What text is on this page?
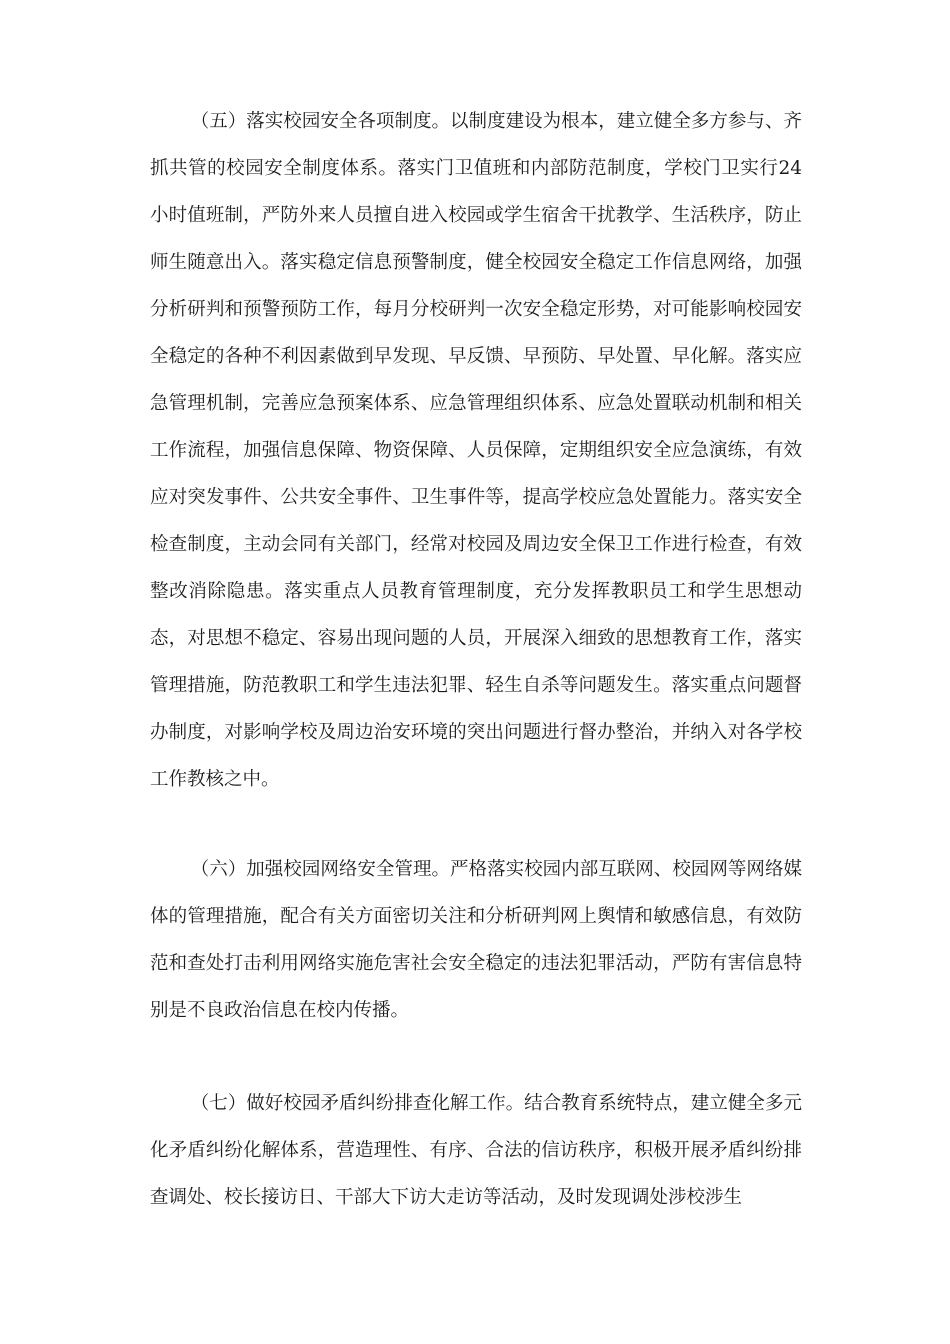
（五）落实校园安全各项制度。以制度建设为根本，建立健全多方参与、齐抓共管的校园安全制度体系。落实门卫值班和内部防范制度，学校门卫实行24小时值班制，严防外来人员擅自进入校园或学生宿舍干扰教学、生活秩序，防止师生随意出入。落实稳定信息预警制度，健全校园安全稳定工作信息网络，加强分析研判和预警预防工作，每月分校研判一次安全稳定形势，对可能影响校园安全稳定的各种不利因素做到早发现、早反馈、早预防、早处置、早化解。落实应急管理机制，完善应急预案体系、应急管理组织体系、应急处置联动机制和相关工作流程，加强信息保障、物资保障、人员保障，定期组织安全应急演练，有效应对突发事件、公共安全事件、卫生事件等，提高学校应急处置能力。落实安全检查制度，主动会同有关部门，经常对校园及周边安全保卫工作进行检查，有效整改消除隐患。落实重点人员教育管理制度，充分发挥教职员工和学生思想动态，对思想不稳定、容易出现问题的人员，开展深入细致的思想教育工作，落实管理措施，防范教职工和学生违法犯罪、轻生自杀等问题发生。落实重点问题督办制度，对影响学校及周边治安环境的突出问题进行督办整治，并纳入对各学校工作教核之中。

（六）加强校园网络安全管理。严格落实校园内部互联网、校园网等网络媒体的管理措施，配合有关方面密切关注和分析研判网上舆情和敏感信息，有效防范和查处打击利用网络实施危害社会安全稳定的违法犯罪活动，严防有害信息特别是不良政治信息在校内传播。

（七）做好校园矛盾纠纷排查化解工作。结合教育系统特点，建立健全多元化矛盾纠纷化解体系，营造理性、有序、合法的信访秩序，积极开展矛盾纠纷排查调处、校长接访日、干部大下访大走访等活动，及时发现调处涉校涉生
